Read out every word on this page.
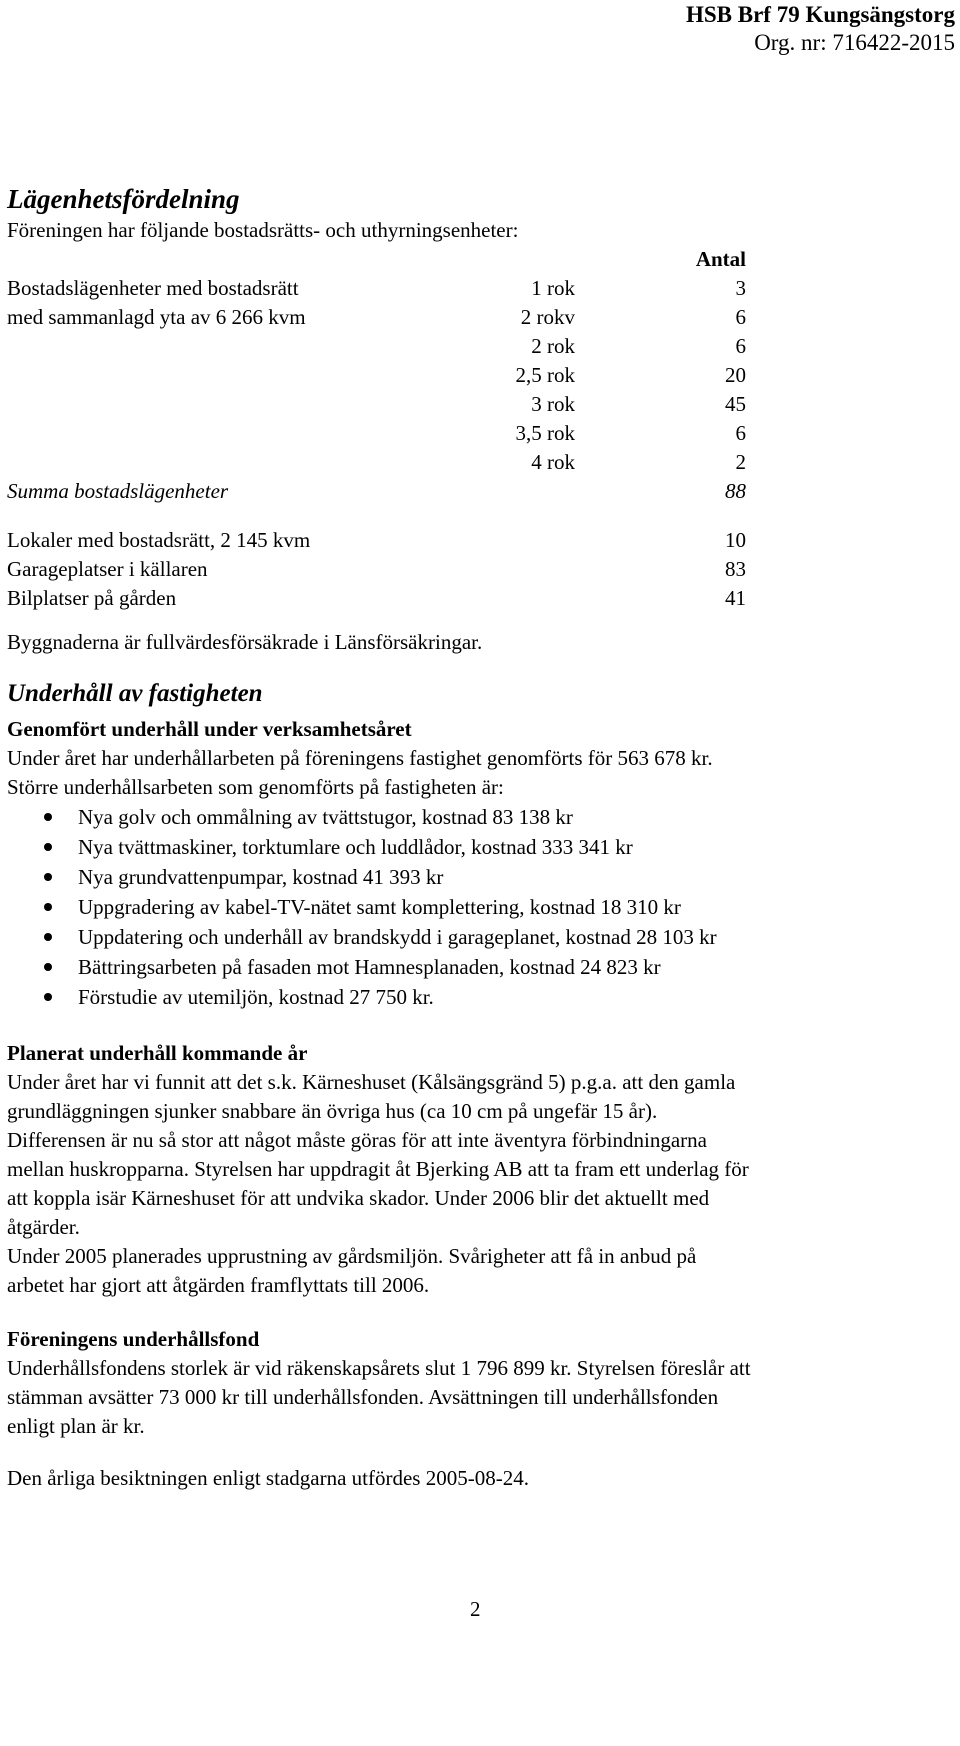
HSB Brf 79 Kungsängstorg
Org. nr: 716422-2015
Lägenhetsfördelning
Föreningen har följande bostadsrätts- och uthyrningsenheter:
Antal
Bostadslägenheter med bostadsrätt
med sammanlagd yta av 6 266 kvm
1 rok	3
2 rokv	6
2 rok	6
2,5 rok	20
3 rok	45
3,5 rok	6
4 rok	2
Summa bostadslägenheter	88
Lokaler med bostadsrätt, 2 145 kvm	10
Garageplatser i källaren	83
Bilplatser på gården	41
Byggnaderna är fullvärdesförsäkrade i Länsförsäkringar.
Underhåll av fastigheten
Genomfört underhåll under verksamhetsåret
Under året har underhållarbeten på föreningens fastighet genomförts för 563 678 kr.
Större underhållsarbeten som genomförts på fastigheten är:
Nya golv och ommålning av tvättstugor, kostnad 83 138 kr
Nya tvättmaskiner, torktumlare och luddlådor, kostnad 333 341 kr
Nya grundvattenpumpar, kostnad 41 393 kr
Uppgradering av kabel-TV-nätet samt komplettering, kostnad 18 310 kr
Uppdatering och underhåll av brandskydd i garageplanet, kostnad 28 103 kr
Bättringsarbeten på fasaden mot Hamnesplanaden, kostnad 24 823 kr
Förstudie av utemiljön, kostnad 27 750 kr.
Planerat underhåll kommande år
Under året har vi funnit att det s.k. Kärneshuset (Kålsängsgränd 5) p.g.a. att den gamla
grundläggningen sjunker snabbare än övriga hus (ca 10 cm på ungefär 15 år).
Differensen är nu så stor att något måste göras för att inte äventyra förbindningarna
mellan huskropparna. Styrelsen har uppdragit åt Bjerking AB att ta fram ett underlag för
att koppla isär Kärneshuset för att undvika skador. Under 2006 blir det aktuellt med
åtgärder.
Under 2005 planerades upprustning av gårdsmiljön. Svårigheter att få in anbud på
arbetet har gjort att åtgärden framflyttats till 2006.
Föreningens underhållsfond
Underhållsfondens storlek är vid räkenskapsårets slut 1 796 899 kr. Styrelsen föreslår att
stämman avsätter 73 000 kr till underhållsfonden. Avsättningen till underhållsfonden
enligt plan är kr.
Den årliga besiktningen enligt stadgarna utfördes 2005-08-24.
2
